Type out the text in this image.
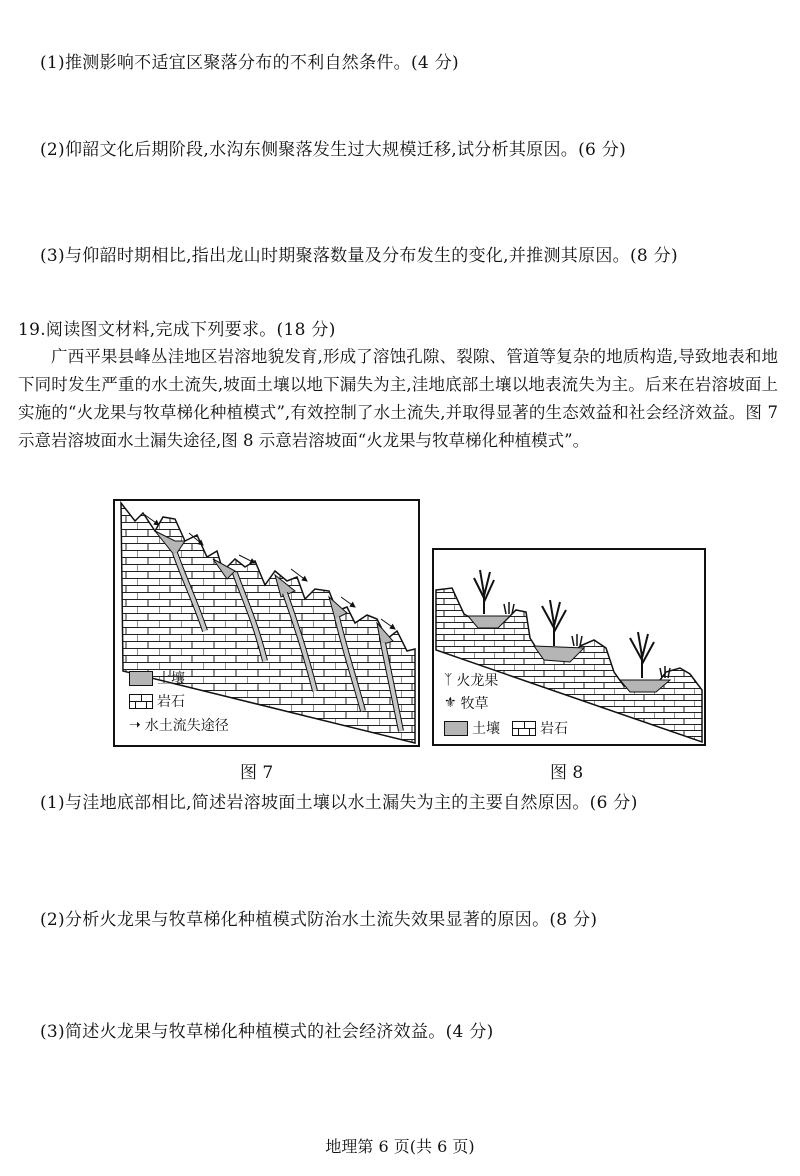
(1)推测影响不适宜区聚落分布的不利自然条件。(4 分)
(2)仰韶文化后期阶段,水沟东侧聚落发生过大规模迁移,试分析其原因。(6 分)
(3)与仰韶时期相比,指出龙山时期聚落数量及分布发生的变化,并推测其原因。(8 分)
19.阅读图文材料,完成下列要求。(18 分)

广西平果县峰丛洼地区岩溶地貌发育,形成了溶蚀孔隙、裂隙、管道等复杂的地质构造,导致地表和地下同时发生严重的水土流失,坡面土壤以地下漏失为主,洼地底部土壤以地表流失为主。后来在岩溶坡面上实施的“火龙果与牧草梯化种植模式”,有效控制了水土流失,并取得显著的生态效益和社会经济效益。图 7 示意岩溶坡面水土漏失途径,图 8 示意岩溶坡面“火龙果与牧草梯化种植模式”。

土壤
岩石
➝ 水土流失途径
ᛉ 火龙果
⚜ 牧草
土壤	岩石
图 7	图 8
(1)与洼地底部相比,简述岩溶坡面土壤以水土漏失为主的主要自然原因。(6 分)
(2)分析火龙果与牧草梯化种植模式防治水土流失效果显著的原因。(8 分)
(3)简述火龙果与牧草梯化种植模式的社会经济效益。(4 分)
地理第 6 页(共 6 页)
